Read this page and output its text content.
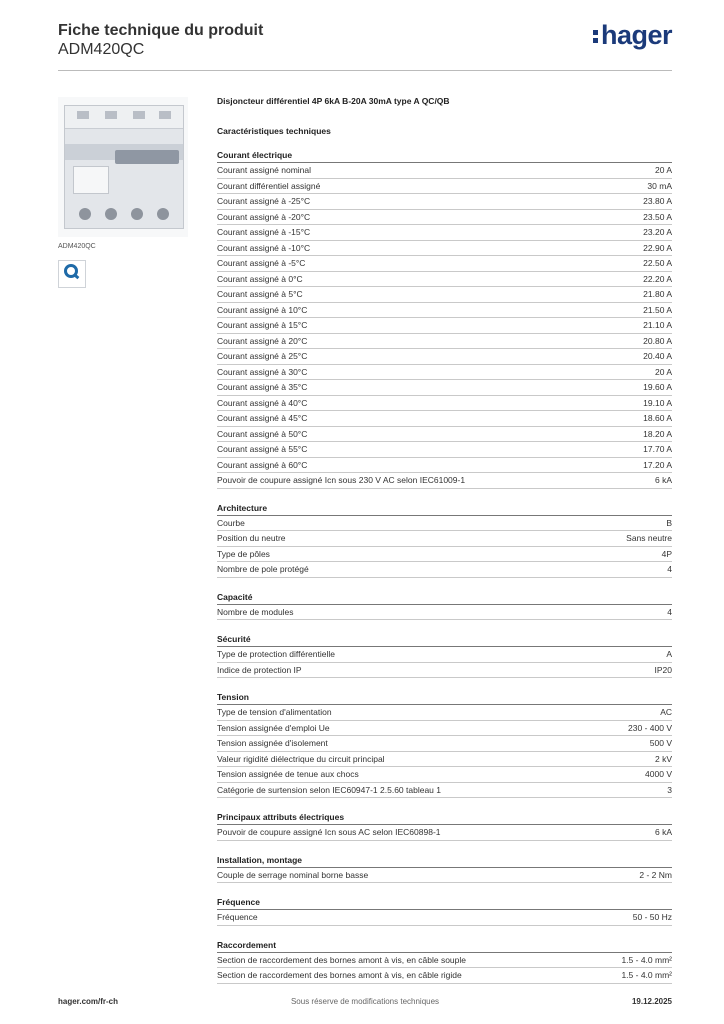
Fiche technique du produit
ADM420QC	hager
ADM420QC
Disjoncteur différentiel 4P 6kA B-20A 30mA type A QC/QB
Caractéristiques techniques
Courant électrique
Courant assigné nominal	20 A
Courant différentiel assigné	30 mA
Courant assigné à -25°C	23.80 A
Courant assigné à -20°C	23.50 A
Courant assigné à -15°C	23.20 A
Courant assigné à -10°C	22.90 A
Courant assigné à -5°C	22.50 A
Courant assigné à 0°C	22.20 A
Courant assigné à 5°C	21.80 A
Courant assigné à 10°C	21.50 A
Courant assigné à 15°C	21.10 A
Courant assigné à 20°C	20.80 A
Courant assigné à 25°C	20.40 A
Courant assigné à 30°C	20 A
Courant assigné à 35°C	19.60 A
Courant assigné à 40°C	19.10 A
Courant assigné à 45°C	18.60 A
Courant assigné à 50°C	18.20 A
Courant assigné à 55°C	17.70 A
Courant assigné à 60°C	17.20 A
Pouvoir de coupure assigné Icn sous 230 V AC selon IEC61009-1	6 kA
Architecture
Courbe	B
Position du neutre	Sans neutre
Type de pôles	4P
Nombre de pole protégé	4
Capacité
Nombre de modules	4
Sécurité
Type de protection différentielle	A
Indice de protection IP	IP20
Tension
Type de tension d'alimentation	AC
Tension assignée d'emploi Ue	230 - 400 V
Tension assignée d'isolement	500 V
Valeur rigidité diélectrique du circuit principal	2 kV
Tension assignée de tenue aux chocs	4000 V
Catégorie de surtension selon IEC60947-1 2.5.60 tableau 1	3
Principaux attributs électriques
Pouvoir de coupure assigné Icn sous AC selon IEC60898-1	6 kA
Installation, montage
Couple de serrage nominal borne basse	2 - 2 Nm
Fréquence
Fréquence	50 - 50 Hz
Raccordement
Section de raccordement des bornes amont à vis, en câble souple	1.5 - 4.0 mm²
Section de raccordement des bornes amont à vis, en câble rigide	1.5 - 4.0 mm²
Sous réserve de modifications techniques
hager.com/fr-ch	19.12.2025
